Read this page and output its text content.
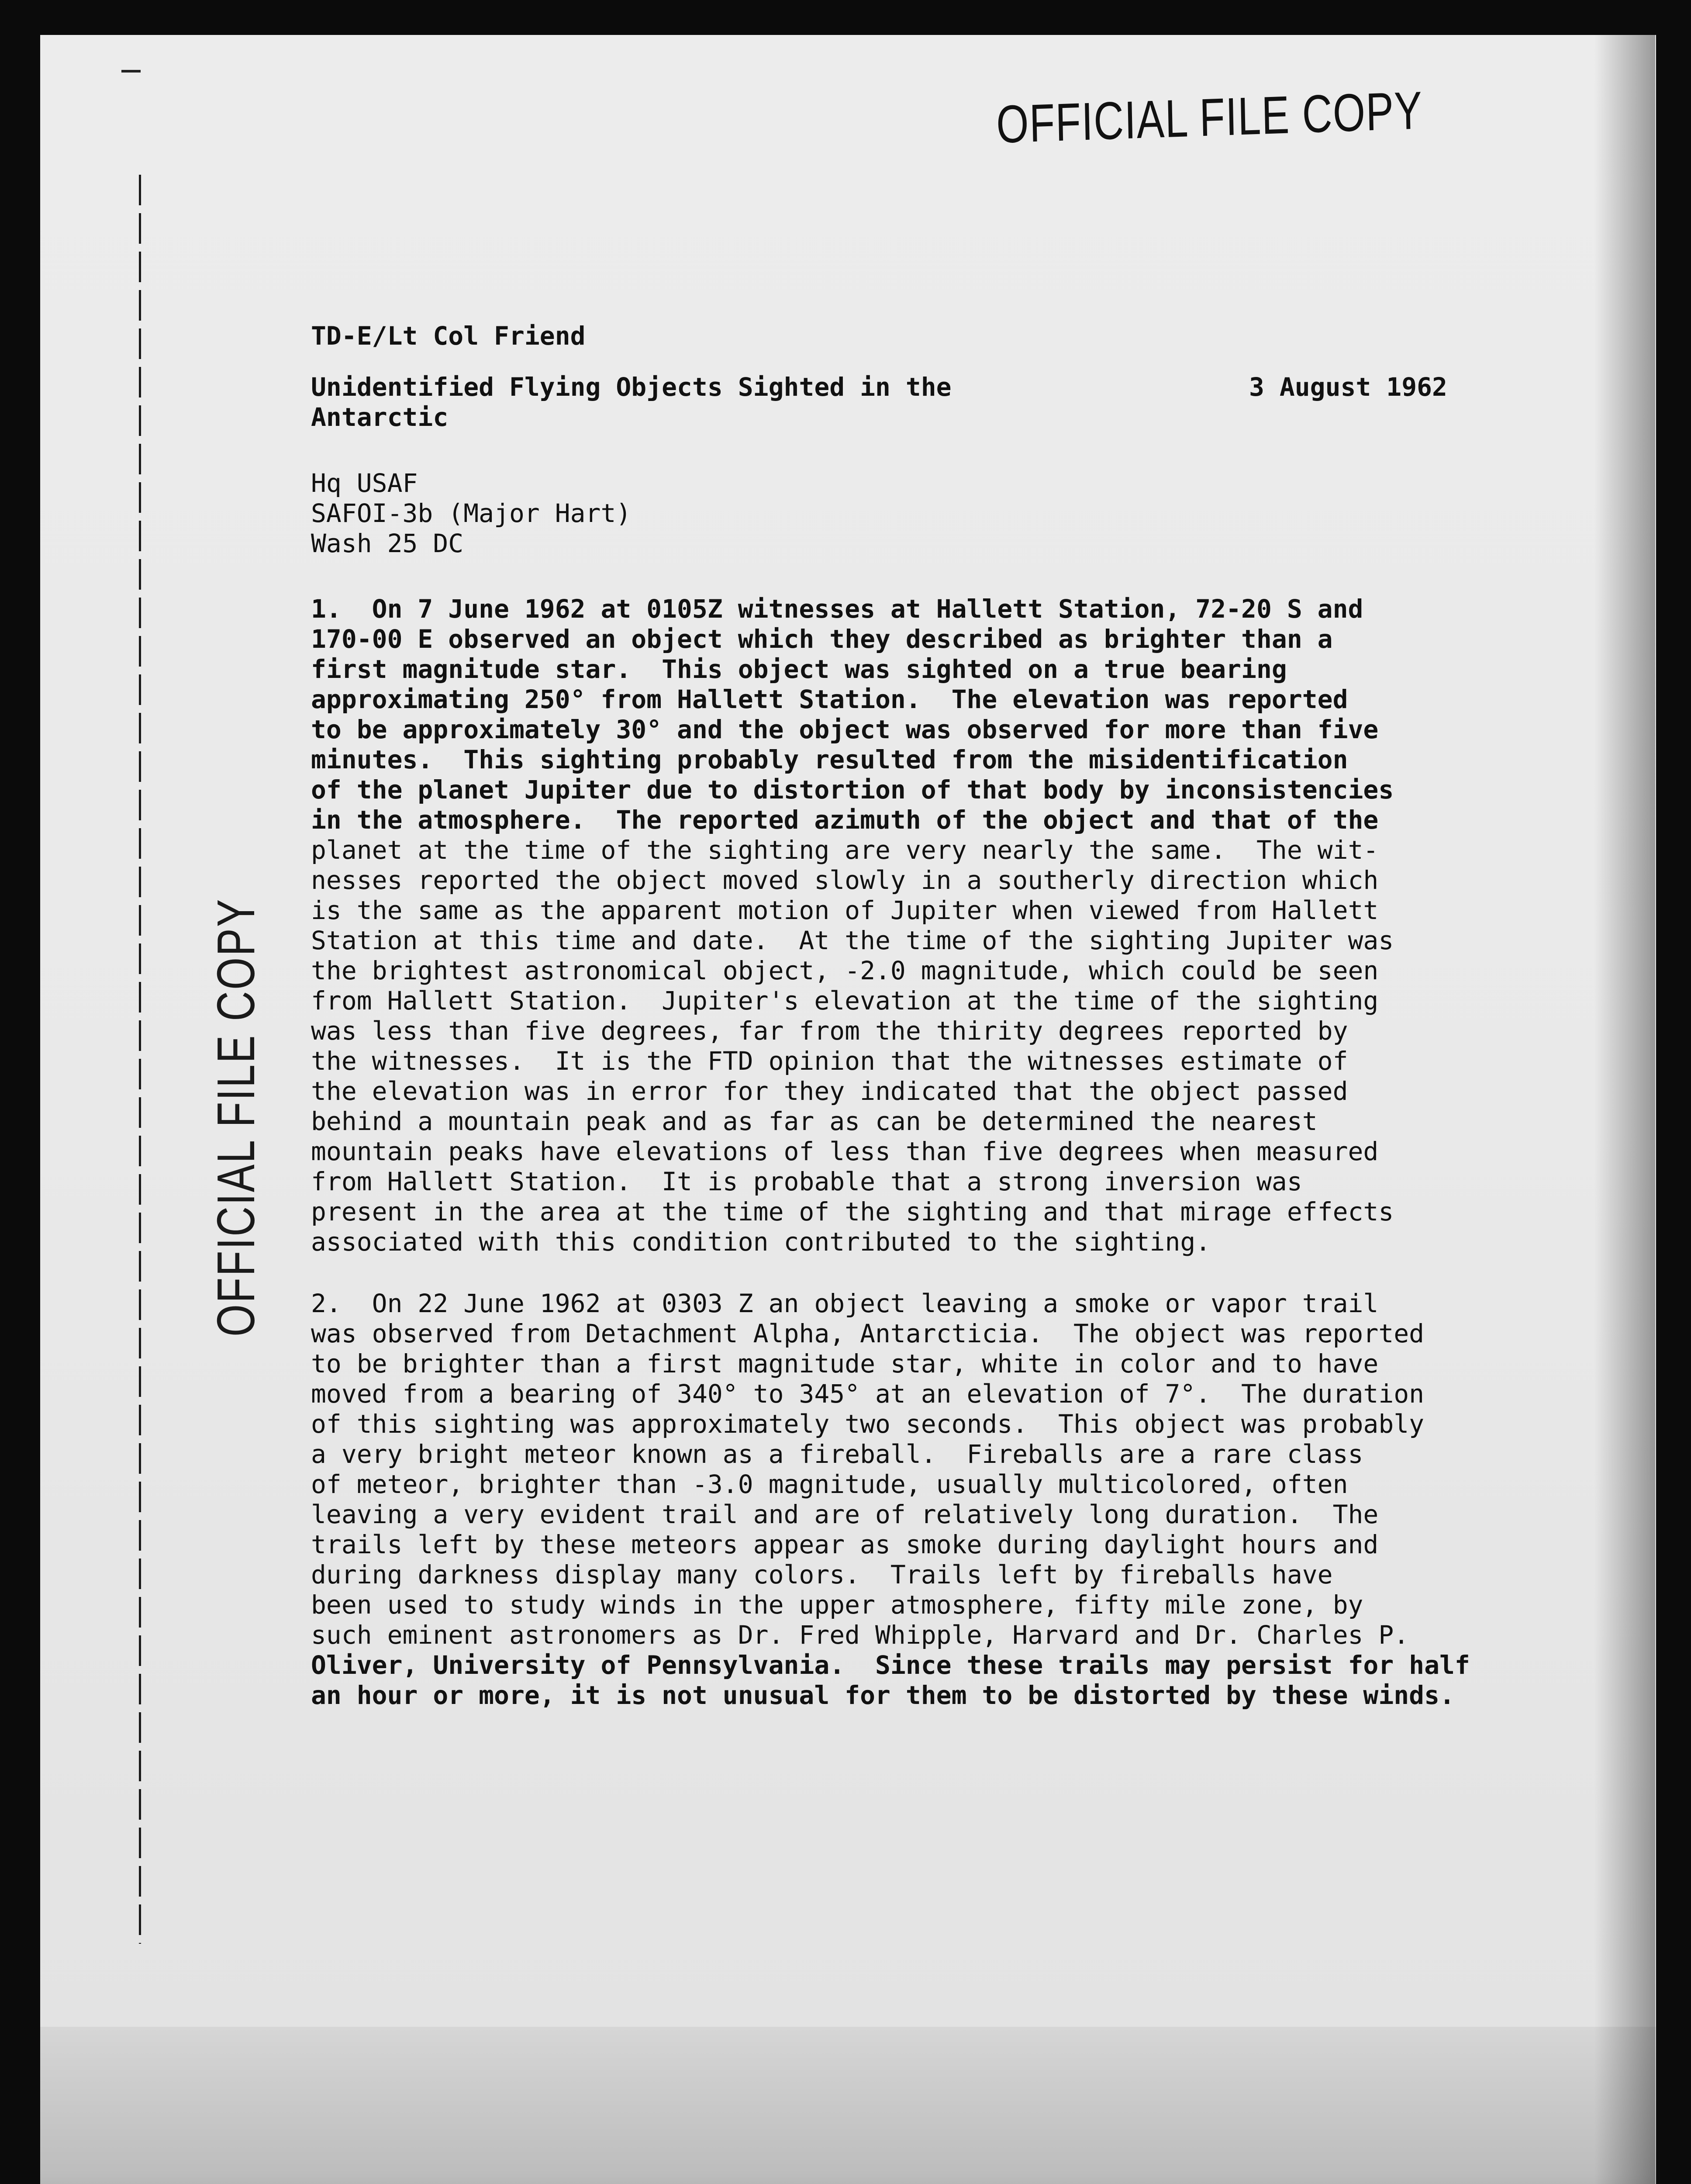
OFFICIAL FILE COPY
OFFICIAL FILE COPY
TD-E/Lt Col Friend
Unidentified Flying Objects Sighted in the
Antarctic
3 August 1962
Hq USAF
SAFOI-3b (Major Hart)
Wash 25 DC
1.  On 7 June 1962 at 0105Z witnesses at Hallett Station, 72-20 S and
170-00 E observed an object which they described as brighter than a
first magnitude star.  This object was sighted on a true bearing
approximating 250° from Hallett Station.  The elevation was reported
to be approximately 30° and the object was observed for more than five
minutes.  This sighting probably resulted from the misidentification
of the planet Jupiter due to distortion of that body by inconsistencies
in the atmosphere.  The reported azimuth of the object and that of the
planet at the time of the sighting are very nearly the same.  The wit-
nesses reported the object moved slowly in a southerly direction which
is the same as the apparent motion of Jupiter when viewed from Hallett
Station at this time and date.  At the time of the sighting Jupiter was
the brightest astronomical object, -2.0 magnitude, which could be seen
from Hallett Station.  Jupiter's elevation at the time of the sighting
was less than five degrees, far from the thirity degrees reported by
the witnesses.  It is the FTD opinion that the witnesses estimate of
the elevation was in error for they indicated that the object passed
behind a mountain peak and as far as can be determined the nearest
mountain peaks have elevations of less than five degrees when measured
from Hallett Station.  It is probable that a strong inversion was
present in the area at the time of the sighting and that mirage effects
associated with this condition contributed to the sighting.
2.  On 22 June 1962 at 0303 Z an object leaving a smoke or vapor trail
was observed from Detachment Alpha, Antarcticia.  The object was reported
to be brighter than a first magnitude star, white in color and to have
moved from a bearing of 340° to 345° at an elevation of 7°.  The duration
of this sighting was approximately two seconds.  This object was probably
a very bright meteor known as a fireball.  Fireballs are a rare class
of meteor, brighter than -3.0 magnitude, usually multicolored, often
leaving a very evident trail and are of relatively long duration.  The
trails left by these meteors appear as smoke during daylight hours and
during darkness display many colors.  Trails left by fireballs have
been used to study winds in the upper atmosphere, fifty mile zone, by
such eminent astronomers as Dr. Fred Whipple, Harvard and Dr. Charles P.
Oliver, University of Pennsylvania.  Since these trails may persist for half
an hour or more, it is not unusual for them to be distorted by these winds.
